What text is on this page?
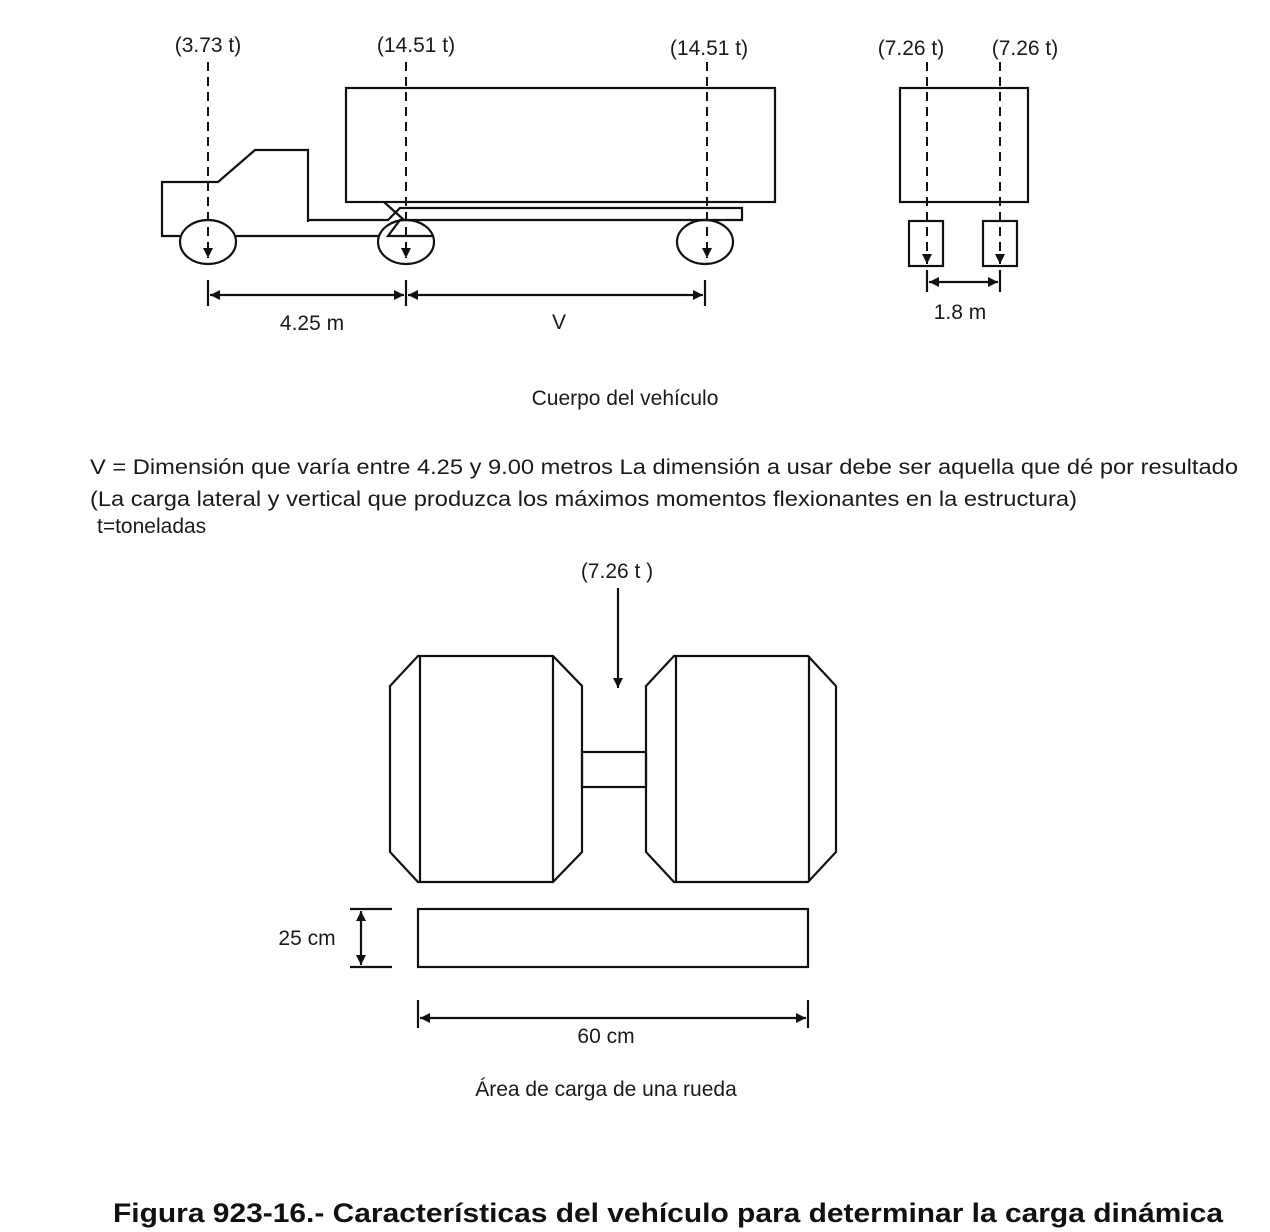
(3.73 t)	(14.51 t)	(14.51 t)
4.25 m	V
(7.26 t) (7.26 t)
1.8 m
Cuerpo del vehículo
V = Dimensión que varía entre 4.25 y 9.00 metros La dimensión a usar debe ser aquella que dé por resultado
(La carga lateral y vertical que produzca los máximos momentos flexionantes en la estructura)
t=toneladas
(7.26 t )
25 cm
60 cm
Área de carga de una rueda
Figura 923-16.- Características del vehículo para determinar la carga dinámica
